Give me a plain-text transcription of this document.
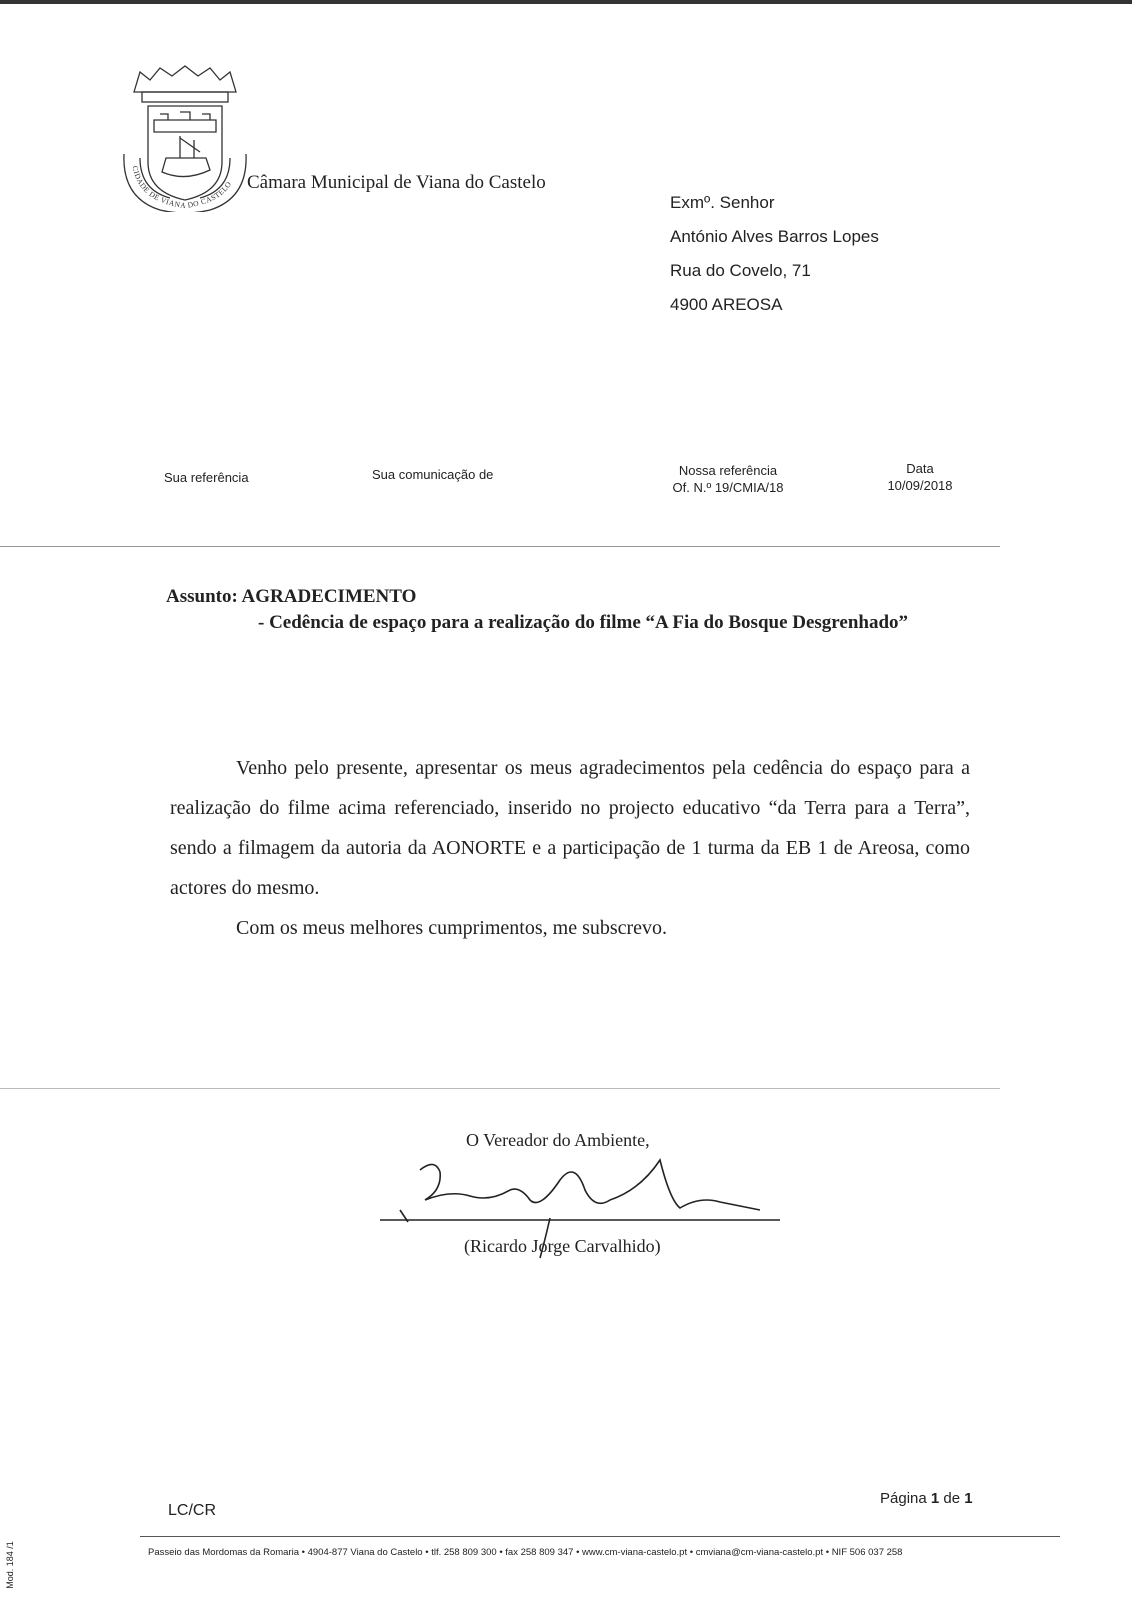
CIDADE DE VIANA DO CASTELO Câmara Municipal de Viana do Castelo
Exmº. Senhor
António Alves Barros Lopes
Rua do Covelo, 71
4900 AREOSA
Sua referência	Sua comunicação de	Nossa referência
Of. N.º 19/CMIA/18
Data
10/09/2018
Assunto: AGRADECIMENTO
- Cedência de espaço para a realização do filme “A Fia do Bosque Desgrenhado”

Venho pelo presente, apresentar os meus agradecimentos pela cedência do espaço para a realização do filme acima referenciado, inserido no projecto educativo “da Terra para a Terra”, sendo a filmagem da autoria da AONORTE e a participação de 1 turma da EB 1 de Areosa, como actores do mesmo.

Com os meus melhores cumprimentos, me subscrevo.

O Vereador do Ambiente,
(Ricardo Jorge Carvalhido)
LC/CR
Página 1 de 1
Passeio das Mordomas da Romaria • 4904-877 Viana do Castelo • tlf. 258 809 300 • fax 258 809 347 • www.cm-viana-castelo.pt • cmviana@cm-viana-castelo.pt • NIF 506 037 258
Mod. 184 /1
